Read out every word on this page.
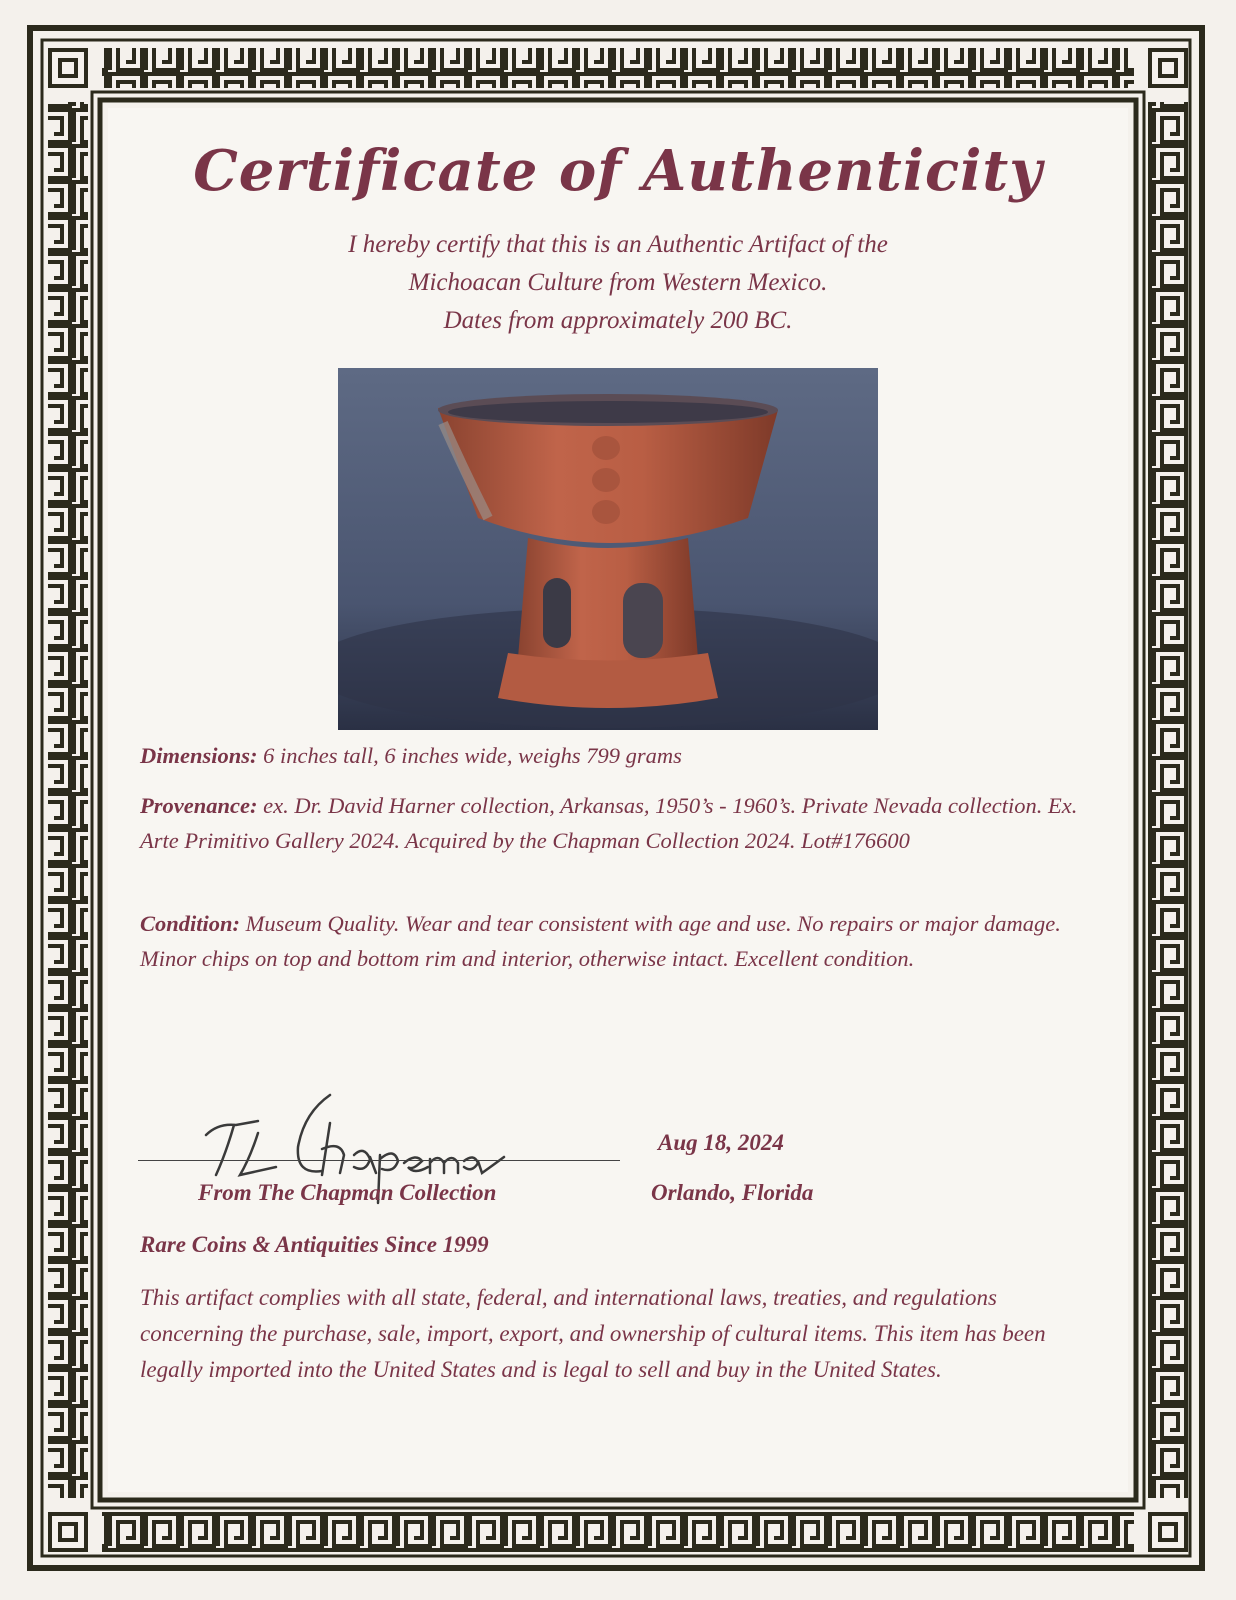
Certificate of Authenticity
I hereby certify that this is an Authentic Artifact of the
Michoacan Culture from Western Mexico.
Dates from approximately 200 BC.
Dimensions: 6 inches tall, 6 inches wide, weighs 799 grams
Provenance: ex. Dr. David Harner collection, Arkansas, 1950’s - 1960’s. Private Nevada collection. Ex. Arte Primitivo Gallery 2024. Acquired by the Chapman Collection 2024. Lot#176600
Condition: Museum Quality. Wear and tear consistent with age and use. No repairs or major damage. Minor chips on top and bottom rim and interior, otherwise intact. Excellent condition.
Aug 18, 2024
From The Chapman Collection	Orlando, Florida
Rare Coins & Antiquities Since 1999
This artifact complies with all state, federal, and international laws, treaties, and regulations concerning the purchase, sale, import, export, and ownership of cultural items. This item has been legally imported into the United States and is legal to sell and buy in the United States.
